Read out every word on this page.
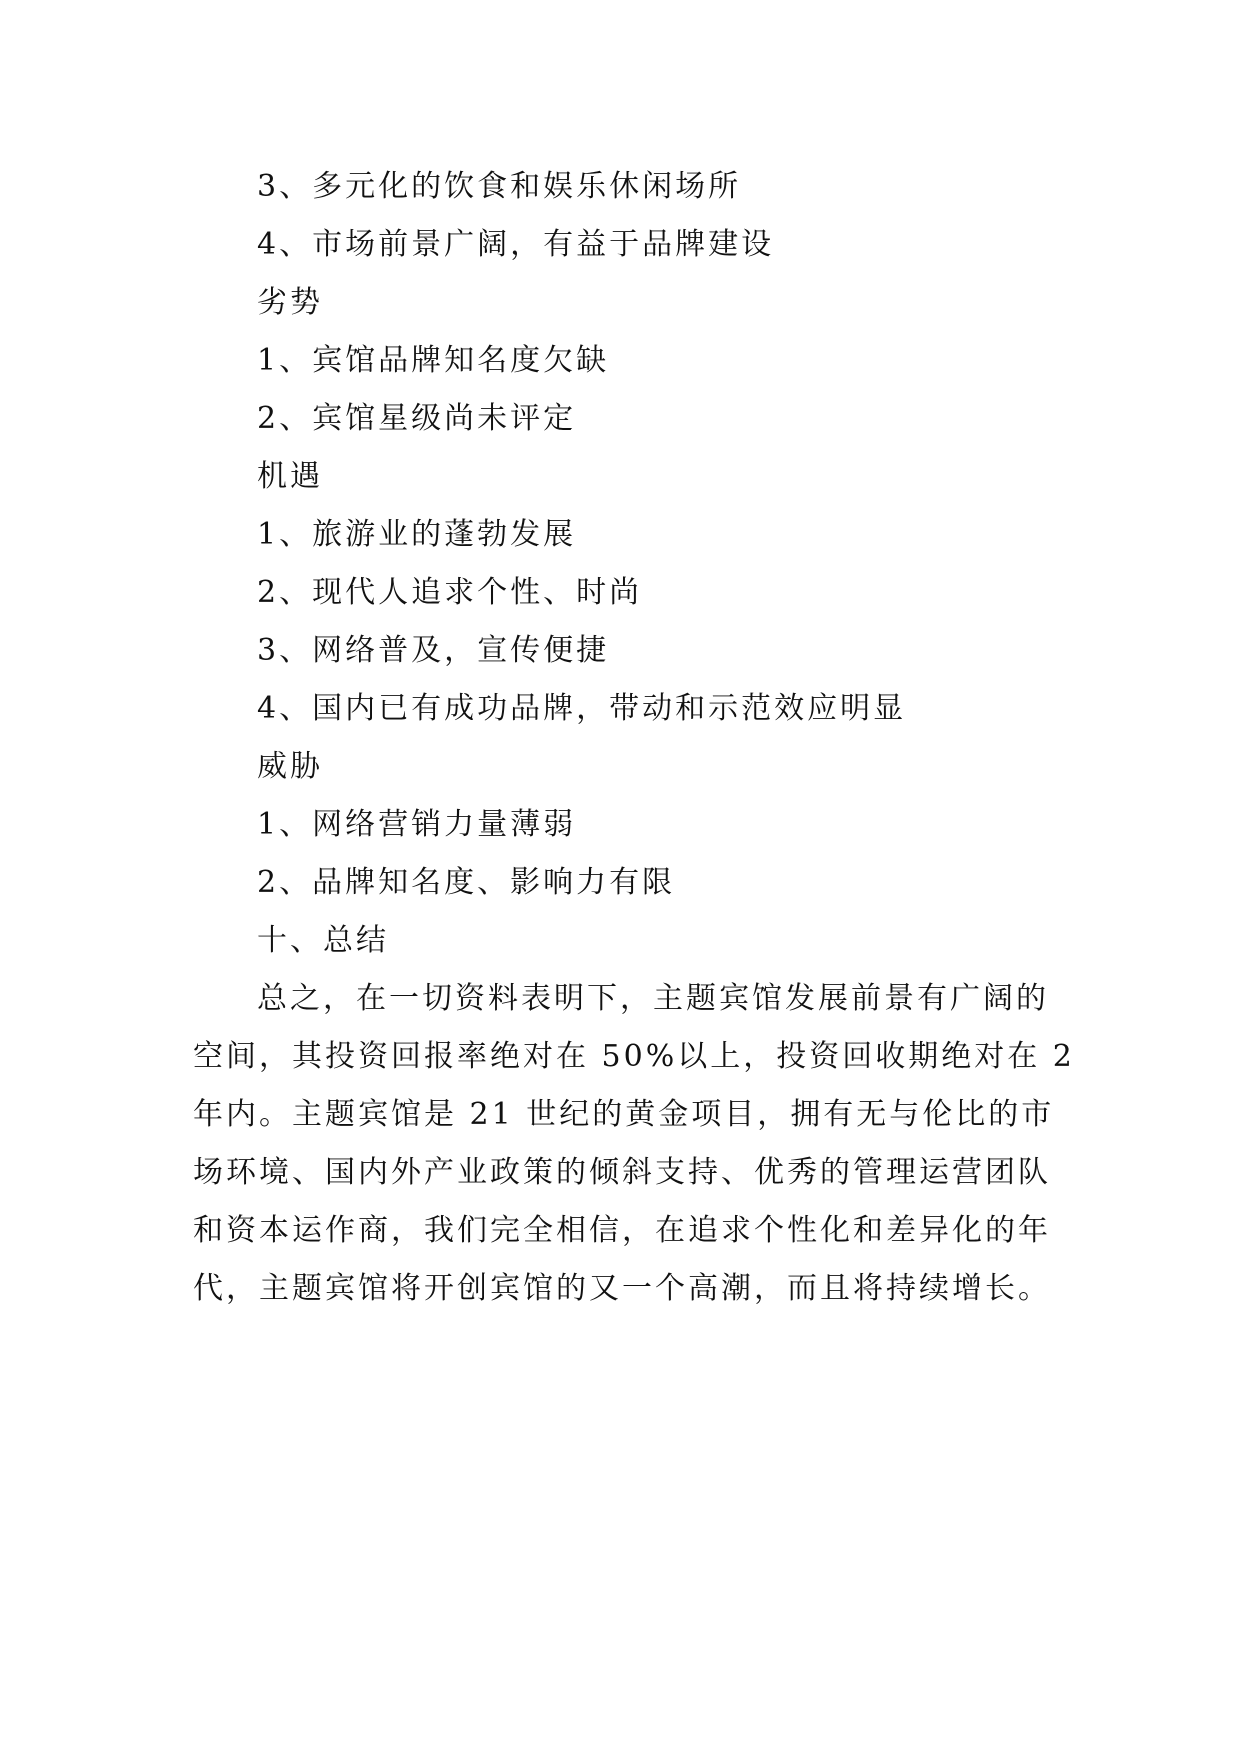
3、多元化的饮食和娱乐休闲场所

4、市场前景广阔，有益于品牌建设

劣势

1、宾馆品牌知名度欠缺

2、宾馆星级尚未评定

机遇

1、旅游业的蓬勃发展

2、现代人追求个性、时尚

3、网络普及，宣传便捷

4、国内已有成功品牌，带动和示范效应明显

威胁

1、网络营销力量薄弱

2、品牌知名度、影响力有限

十、总结

总之，在一切资料表明下，主题宾馆发展前景有广阔的
空间，其投资回报率绝对在 50%以上，投资回收期绝对在 2
年内。主题宾馆是 21 世纪的黄金项目，拥有无与伦比的市
场环境、国内外产业政策的倾斜支持、优秀的管理运营团队
和资本运作商，我们完全相信，在追求个性化和差异化的年
代，主题宾馆将开创宾馆的又一个高潮，而且将持续增长。
